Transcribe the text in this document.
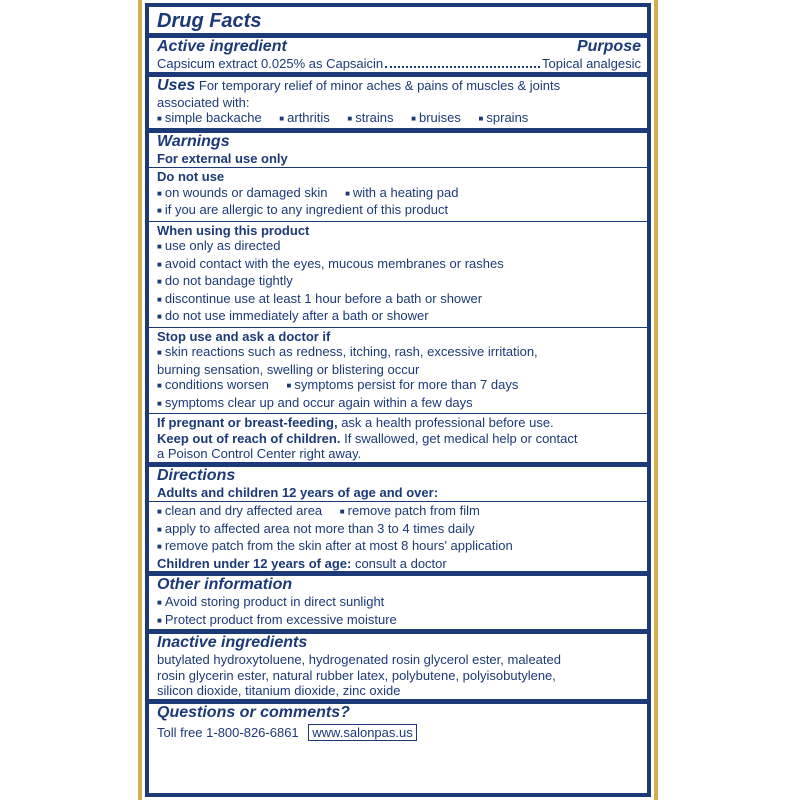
Drug Facts
Active ingredient	Purpose
Capsicum extract 0.025% as Capsaicin	Topical analgesic
Uses For temporary relief of minor aches & pains of muscles & joints
associated with:
■ simple backache ■ arthritis ■ strains ■ bruises ■ sprains
Warnings
For external use only
Do not use
■ on wounds or damaged skin ■ with a heating pad
■ if you are allergic to any ingredient of this product
When using this product
■ use only as directed
■ avoid contact with the eyes, mucous membranes or rashes
■ do not bandage tightly
■ discontinue use at least 1 hour before a bath or shower
■ do not use immediately after a bath or shower
Stop use and ask a doctor if
■ skin reactions such as redness, itching, rash, excessive irritation,
burning sensation, swelling or blistering occur
■ conditions worsen ■ symptoms persist for more than 7 days
■ symptoms clear up and occur again within a few days
If pregnant or breast-feeding, ask a health professional before use.
Keep out of reach of children. If swallowed, get medical help or contact
a Poison Control Center right away.
Directions
Adults and children 12 years of age and over:
■ clean and dry affected area ■ remove patch from film
■ apply to affected area not more than 3 to 4 times daily
■ remove patch from the skin after at most 8 hours' application
Children under 12 years of age: consult a doctor
Other information
■ Avoid storing product in direct sunlight
■ Protect product from excessive moisture
Inactive ingredients
butylated hydroxytoluene, hydrogenated rosin glycerol ester, maleated
rosin glycerin ester, natural rubber latex, polybutene, polyisobutylene,
silicon dioxide, titanium dioxide, zinc oxide
Questions or comments?
Toll free 1-800-826-6861 www.salonpas.us
